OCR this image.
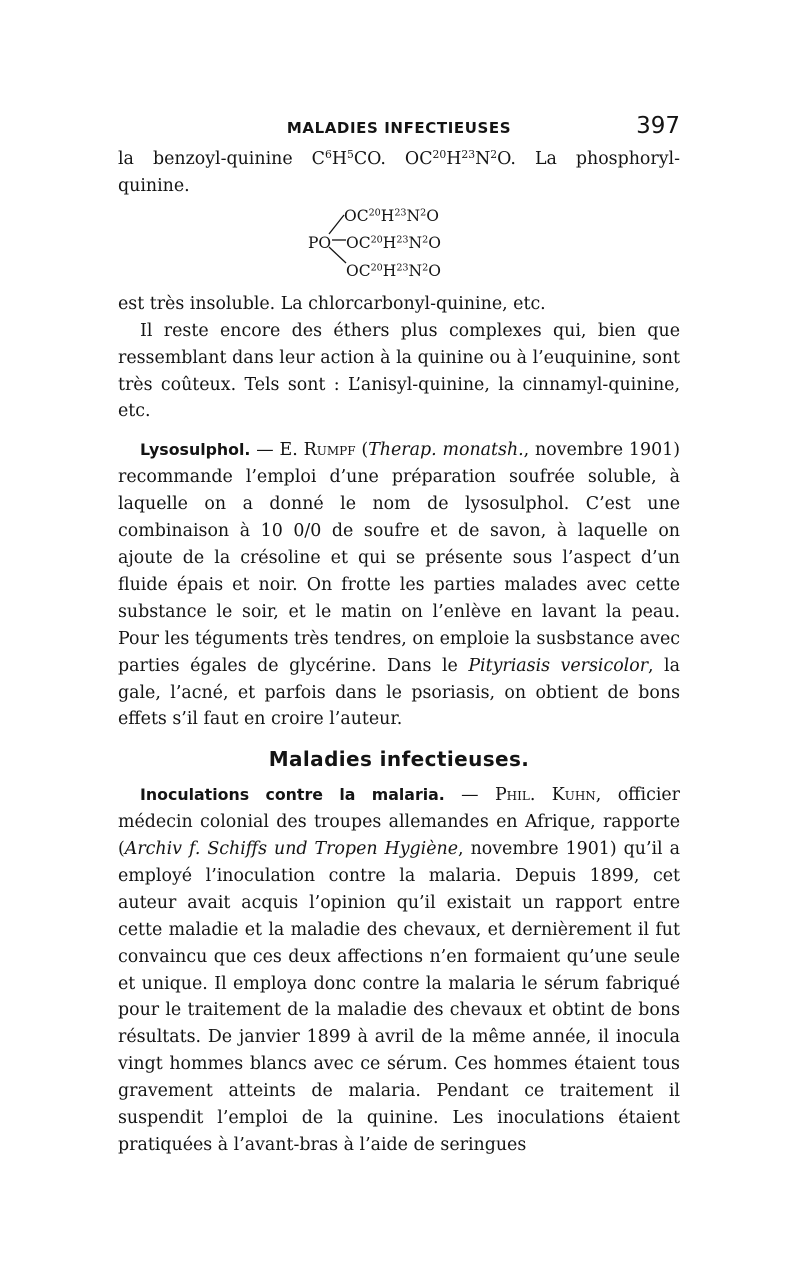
MALADIES INFECTIEUSES	397

la benzoyl-quinine $C^6H^5CO$. $OC^{20}H^{23}N^2O$. La phosphoryl-quinine.

PO
$OC^{20}H^{23}N^2O$
$OC^{20}H^{23}N^2O$
$OC^{20}H^{23}N^2O$

est très insoluble. La chlorcarbonyl-quinine, etc.

Il reste encore des éthers plus complexes qui, bien que ressemblant dans leur action à la quinine ou à l’euquinine, sont très coûteux. Tels sont : L’anisyl-quinine, la cinnamyl-quinine, etc.

Lysosulphol. — E. Rumpf (Therap. monatsh., novembre 1901) recommande l’emploi d’une préparation soufrée soluble, à laquelle on a donné le nom de lysosulphol. C’est une combinaison à 10 0/0 de soufre et de savon, à laquelle on ajoute de la crésoline et qui se présente sous l’aspect d’un fluide épais et noir. On frotte les parties malades avec cette substance le soir, et le matin on l’enlève en lavant la peau. Pour les téguments très tendres, on emploie la susbstance avec parties égales de glycérine. Dans le Pityriasis versicolor, la gale, l’acné, et parfois dans le psoriasis, on obtient de bons effets s’il faut en croire l’auteur.

Maladies infectieuses.

Inoculations contre la malaria. — Phil. Kuhn, officier médecin colonial des troupes allemandes en Afrique, rapporte (Archiv f. Schiffs und Tropen Hygiène, novembre 1901) qu’il a employé l’inoculation contre la malaria. Depuis 1899, cet auteur avait acquis l’opinion qu’il existait un rapport entre cette maladie et la maladie des chevaux, et dernièrement il fut convaincu que ces deux affections n’en formaient qu’une seule et unique. Il employa donc contre la malaria le sérum fabriqué pour le traitement de la maladie des chevaux et obtint de bons résultats. De janvier 1899 à avril de la même année, il inocula vingt hommes blancs avec ce sérum. Ces hommes étaient tous gravement atteints de malaria. Pendant ce traitement il suspendit l’emploi de la quinine. Les inoculations étaient pratiquées à l’avant-bras à l’aide de seringues
